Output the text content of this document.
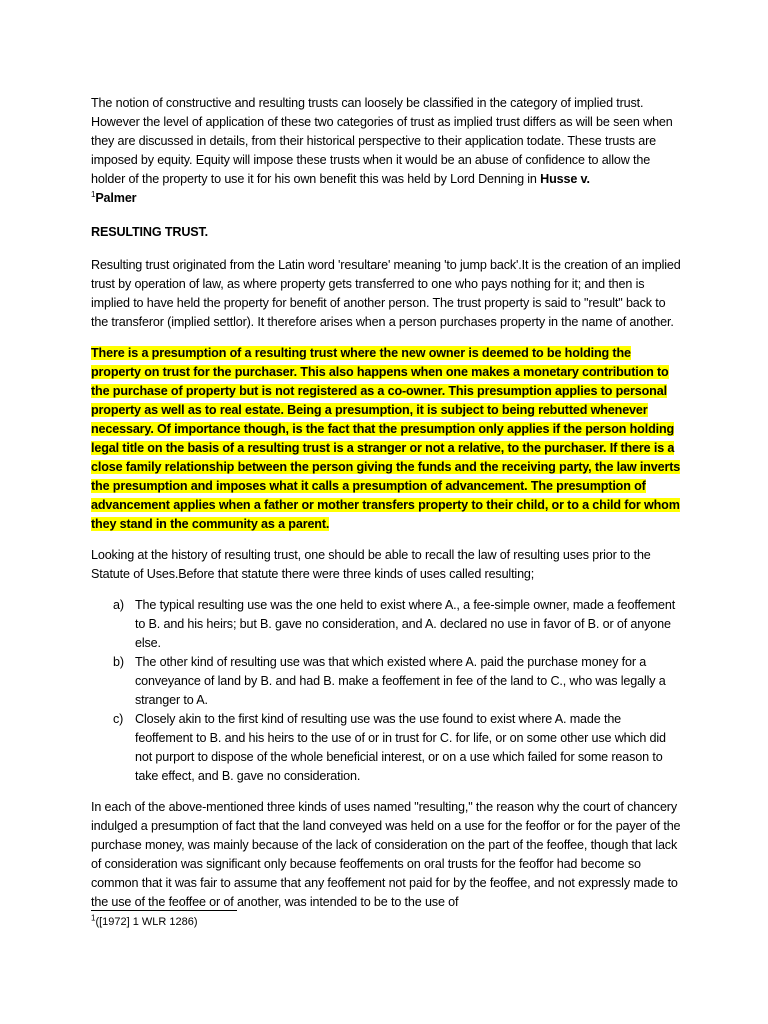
The notion of constructive and resulting trusts can loosely be classified in the category of implied trust. However the level of application of these two categories of trust as implied trust differs as will be seen when they are discussed in details, from their historical perspective to their application todate. These trusts are imposed by equity. Equity will impose these trusts when it would be an abuse of confidence to allow the holder of the property to use it for his own benefit this was held by Lord Denning in Husse v.
$^1$Palmer

RESULTING TRUST.

Resulting trust originated from the Latin word 'resultare' meaning 'to jump back'.It is the creation of an implied trust by operation of law, as where property gets transferred to one who pays nothing for it; and then is implied to have held the property for benefit of another person. The trust property is said to "result" back to the transferor (implied settlor). It therefore arises when a person purchases property in the name of another.

There is a presumption of a resulting trust where the new owner is deemed to be holding the property on trust for the purchaser. This also happens when one makes a monetary contribution to the purchase of property but is not registered as a co-owner. This presumption applies to personal property as well as to real estate. Being a presumption, it is subject to being rebutted whenever necessary. Of importance though, is the fact that the presumption only applies if the person holding legal title on the basis of a resulting trust is a stranger or not a relative, to the purchaser. If there is a close family relationship between the person giving the funds and the receiving party, the law inverts the presumption and imposes what it calls a presumption of advancement. The presumption of advancement applies when a father or mother transfers property to their child, or to a child for whom they stand in the community as a parent.

Looking at the history of resulting trust, one should be able to recall the law of resulting uses prior to the Statute of Uses.Before that statute there were three kinds of uses called resulting;

a) The typical resulting use was the one held to exist where A., a fee-simple owner, made a feoffement to B. and his heirs; but B. gave no consideration, and A. declared no use in favor of B. or of anyone else.
b) The other kind of resulting use was that which existed where A. paid the purchase money for a conveyance of land by B. and had B. make a feoffement in fee of the land to C., who was legally a stranger to A.
c) Closely akin to the first kind of resulting use was the use found to exist where A. made the feoffement to B. and his heirs to the use of or in trust for C. for life, or on some other use which did not purport to dispose of the whole beneficial interest, or on a use which failed for some reason to take effect, and B. gave no consideration.

In each of the above-mentioned three kinds of uses named "resulting," the reason why the court of chancery indulged a presumption of fact that the land conveyed was held on a use for the feoffor or for the payer of the purchase money, was mainly because of the lack of consideration on the part of the feoffee, though that lack of consideration was significant only because feoffements on oral trusts for the feoffor had become so common that it was fair to assume that any feoffement not paid for by the feoffee, and not expressly made to the use of the feoffee or of another, was intended to be to the use of

$^1$([1972] 1 WLR 1286)
